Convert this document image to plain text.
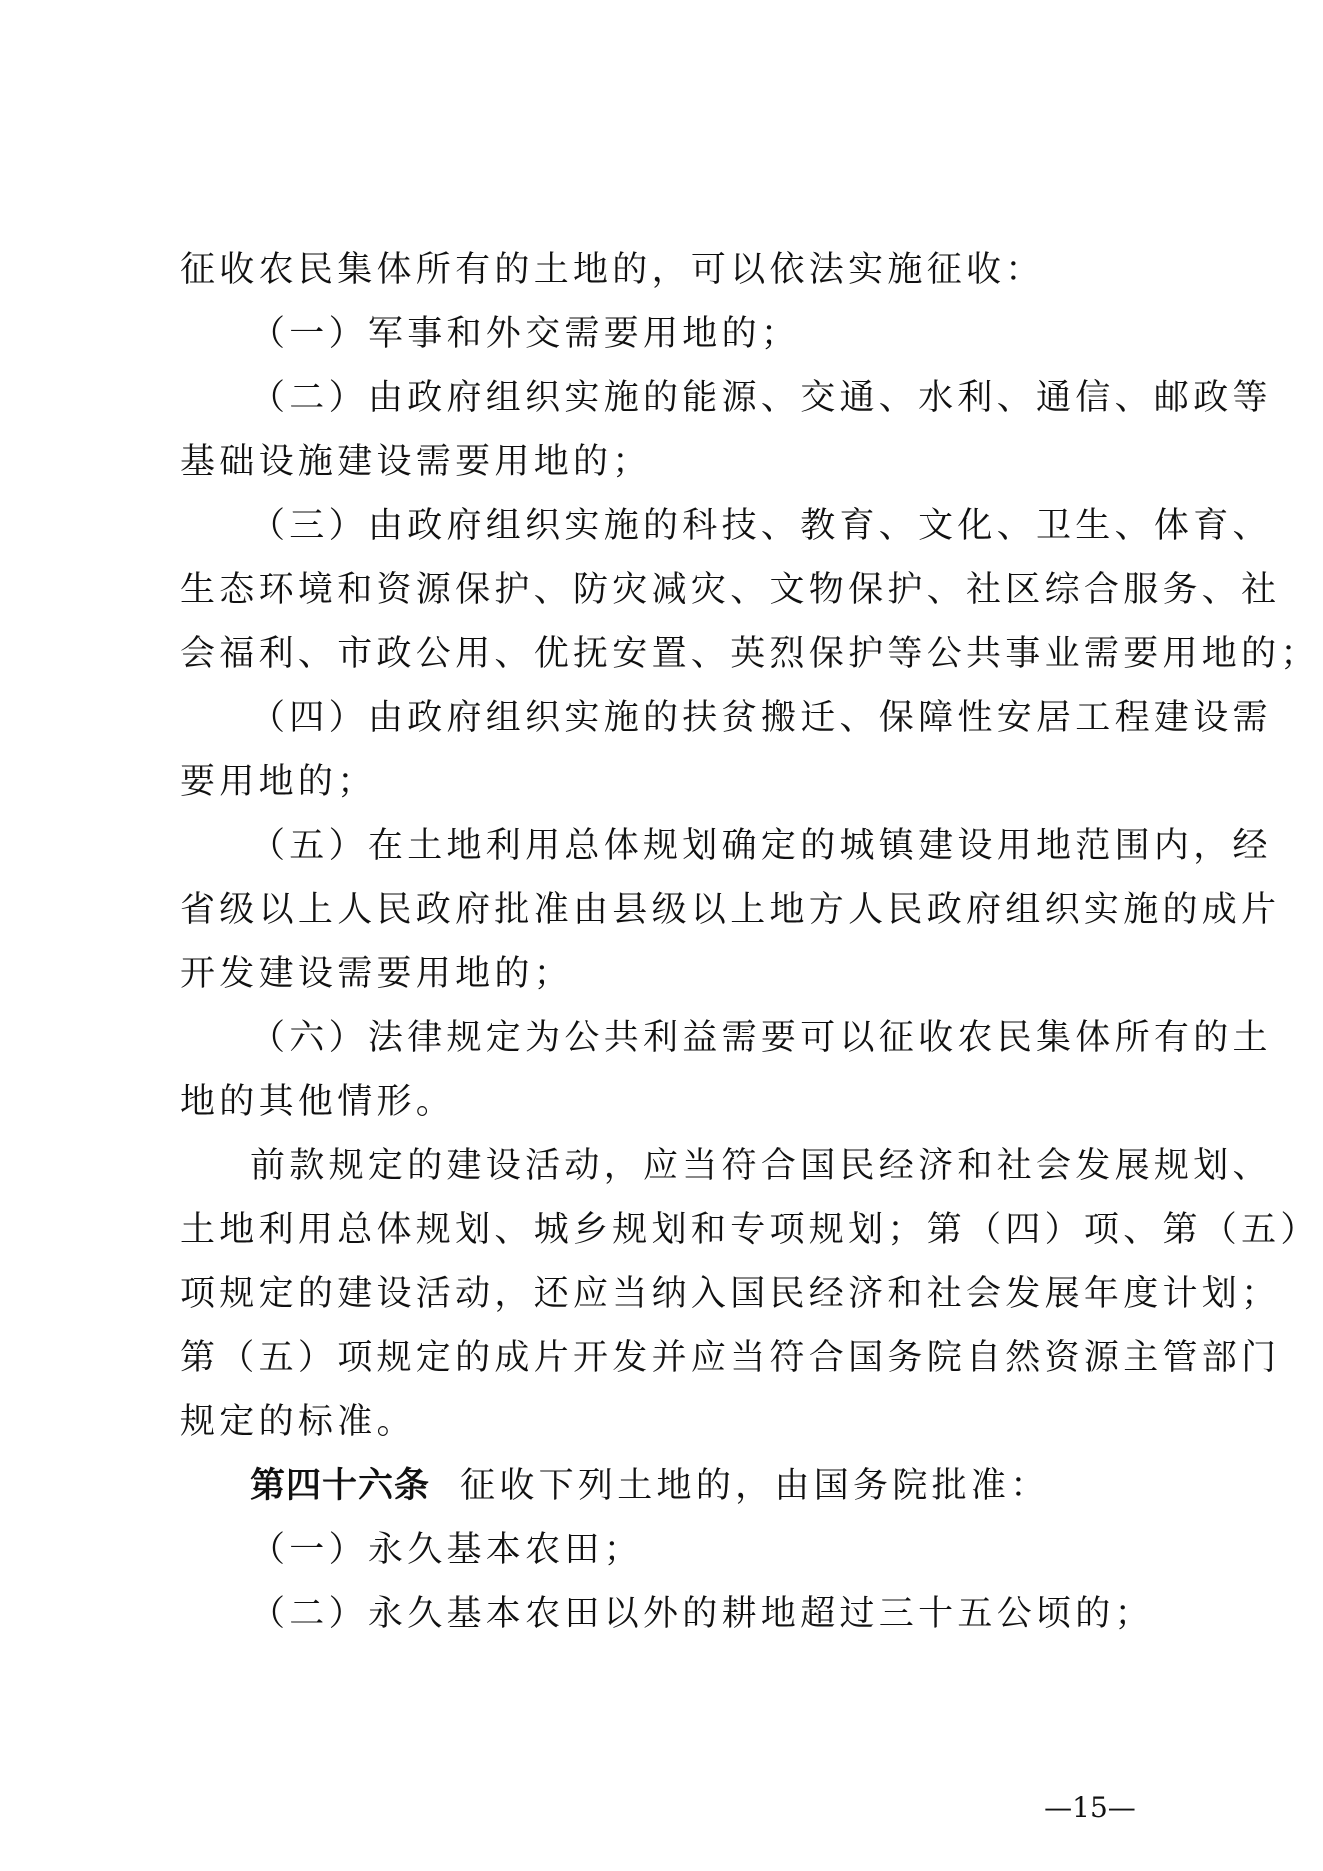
征收农民集体所有的土地的，可以依法实施征收：
（一）军事和外交需要用地的；
（二）由政府组织实施的能源、交通、水利、通信、邮政等
基础设施建设需要用地的；
（三）由政府组织实施的科技、教育、文化、卫生、体育、
生态环境和资源保护、防灾减灾、文物保护、社区综合服务、社
会福利、市政公用、优抚安置、英烈保护等公共事业需要用地的；
（四）由政府组织实施的扶贫搬迁、保障性安居工程建设需
要用地的；
（五）在土地利用总体规划确定的城镇建设用地范围内，经
省级以上人民政府批准由县级以上地方人民政府组织实施的成片
开发建设需要用地的；
（六）法律规定为公共利益需要可以征收农民集体所有的土
地的其他情形。
前款规定的建设活动，应当符合国民经济和社会发展规划、
土地利用总体规划、城乡规划和专项规划；第（四）项、第（五）
项规定的建设活动，还应当纳入国民经济和社会发展年度计划；
第（五）项规定的成片开发并应当符合国务院自然资源主管部门
规定的标准。
第四十六条 征收下列土地的，由国务院批准：
（一）永久基本农田；
（二）永久基本农田以外的耕地超过三十五公顷的；
—15—
